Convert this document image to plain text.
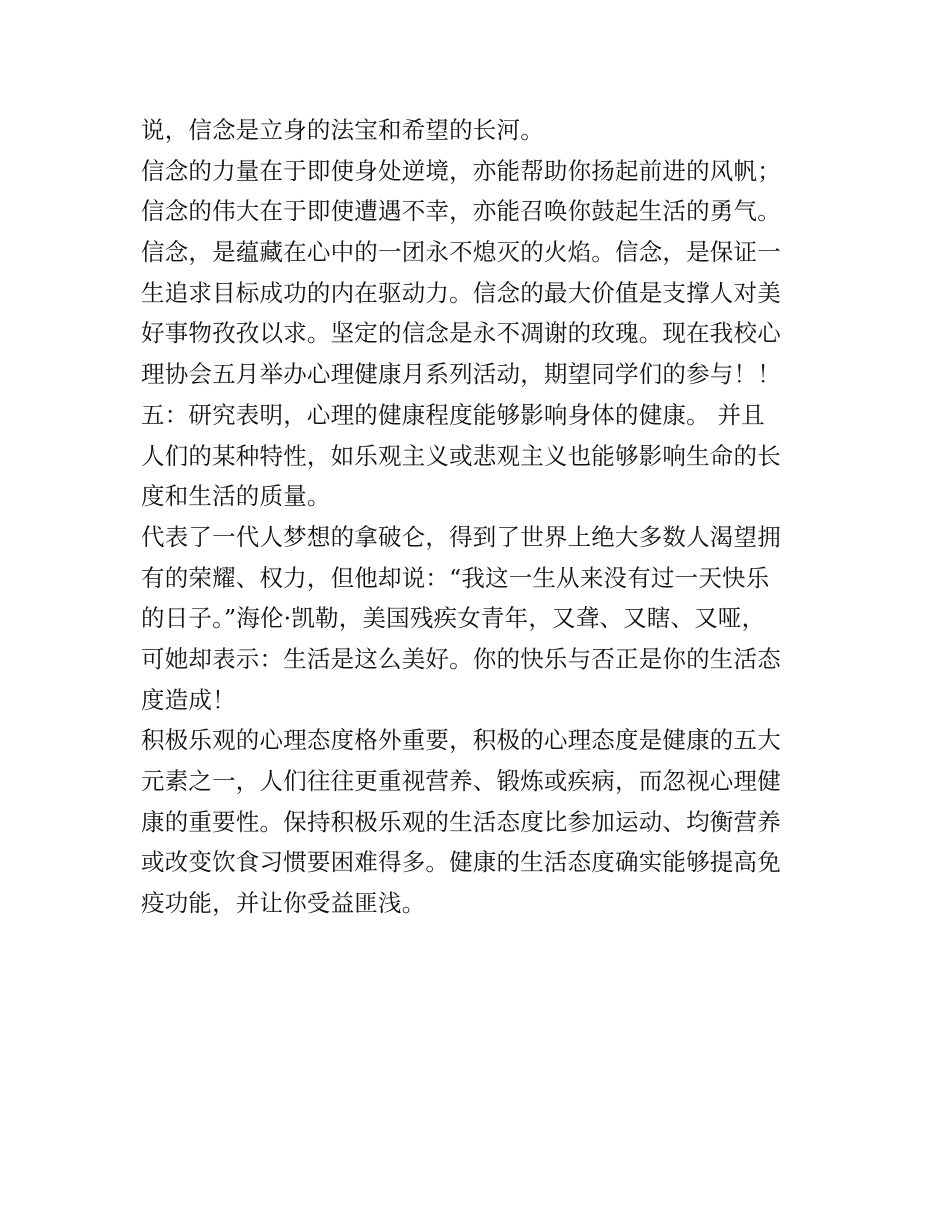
说，信念是立身的法宝和希望的长河。
信念的力量在于即使身处逆境，亦能帮助你扬起前进的风帆；
信念的伟大在于即使遭遇不幸，亦能召唤你鼓起生活的勇气。
信念，是蕴藏在心中的一团永不熄灭的火焰。信念，是保证一
生追求目标成功的内在驱动力。信念的最大价值是支撑人对美
好事物孜孜以求。坚定的信念是永不凋谢的玫瑰。现在我校心
理协会五月举办心理健康月系列活动，期望同学们的参与！！
五：研究表明，心理的健康程度能够影响身体的健康。 并且
人们的某种特性，如乐观主义或悲观主义也能够影响生命的长
度和生活的质量。
代表了一代人梦想的拿破仑，得到了世界上绝大多数人渴望拥
有的荣耀、权力，但他却说：“我这一生从来没有过一天快乐
的日子。”海伦·凯勒，美国残疾女青年，又聋、又瞎、又哑，
可她却表示：生活是这么美好。你的快乐与否正是你的生活态
度造成！
积极乐观的心理态度格外重要，积极的心理态度是健康的五大
元素之一，人们往往更重视营养、锻炼或疾病，而忽视心理健
康的重要性。保持积极乐观的生活态度比参加运动、均衡营养
或改变饮食习惯要困难得多。健康的生活态度确实能够提高免
疫功能，并让你受益匪浅。
